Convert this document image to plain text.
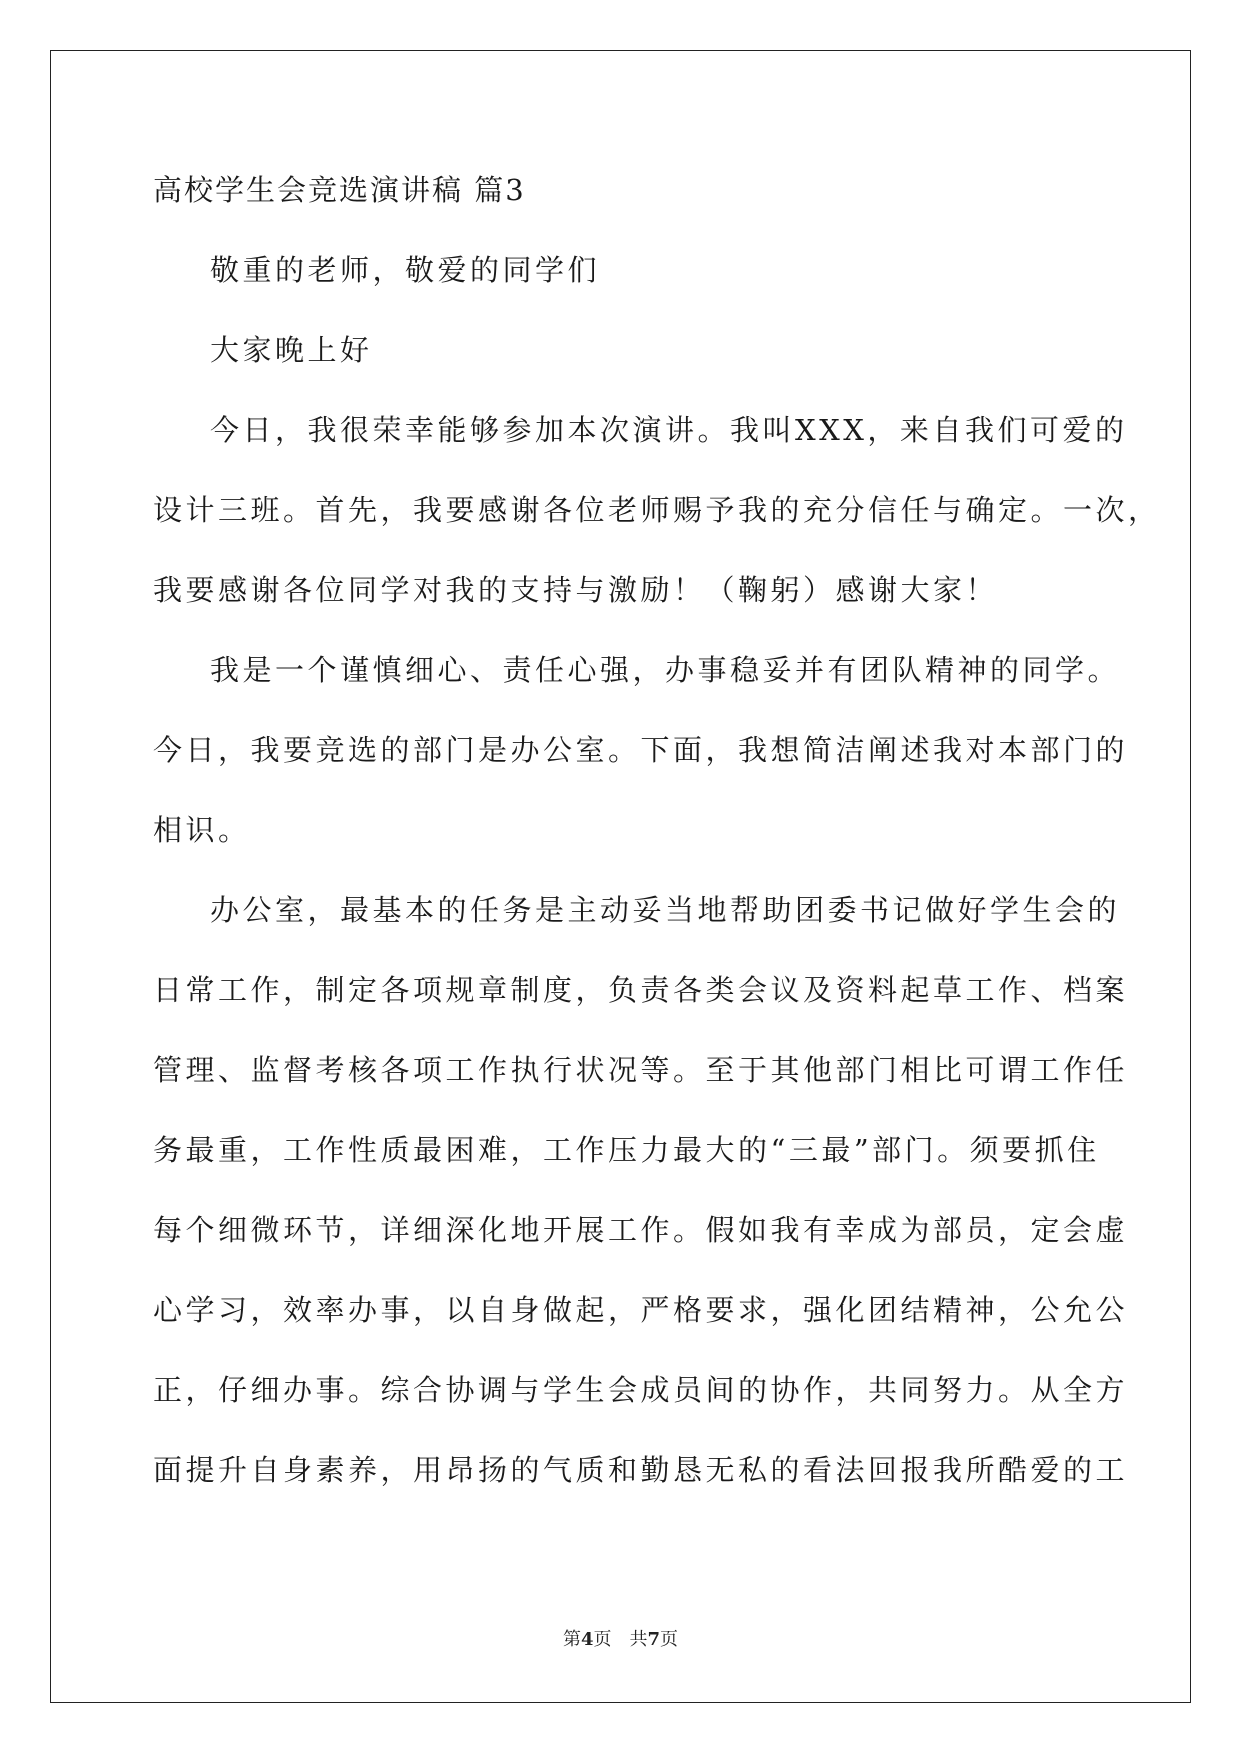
高校学生会竞选演讲稿 篇3
敬重的老师，敬爱的同学们
大家晚上好
今日，我很荣幸能够参加本次演讲。我叫XXX，来自我们可爱的
设计三班。首先，我要感谢各位老师赐予我的充分信任与确定。一次，
我要感谢各位同学对我的支持与激励！（鞠躬）感谢大家！
我是一个谨慎细心、责任心强，办事稳妥并有团队精神的同学。
今日，我要竞选的部门是办公室。下面，我想简洁阐述我对本部门的
相识。
办公室，最基本的任务是主动妥当地帮助团委书记做好学生会的
日常工作，制定各项规章制度，负责各类会议及资料起草工作、档案
管理、监督考核各项工作执行状况等。至于其他部门相比可谓工作任
务最重，工作性质最困难，工作压力最大的“三最”部门。须要抓住
每个细微环节，详细深化地开展工作。假如我有幸成为部员，定会虚
心学习，效率办事，以自身做起，严格要求，强化团结精神，公允公
正，仔细办事。综合协调与学生会成员间的协作，共同努力。从全方
面提升自身素养，用昂扬的气质和勤恳无私的看法回报我所酷爱的工
第4页 共7页
